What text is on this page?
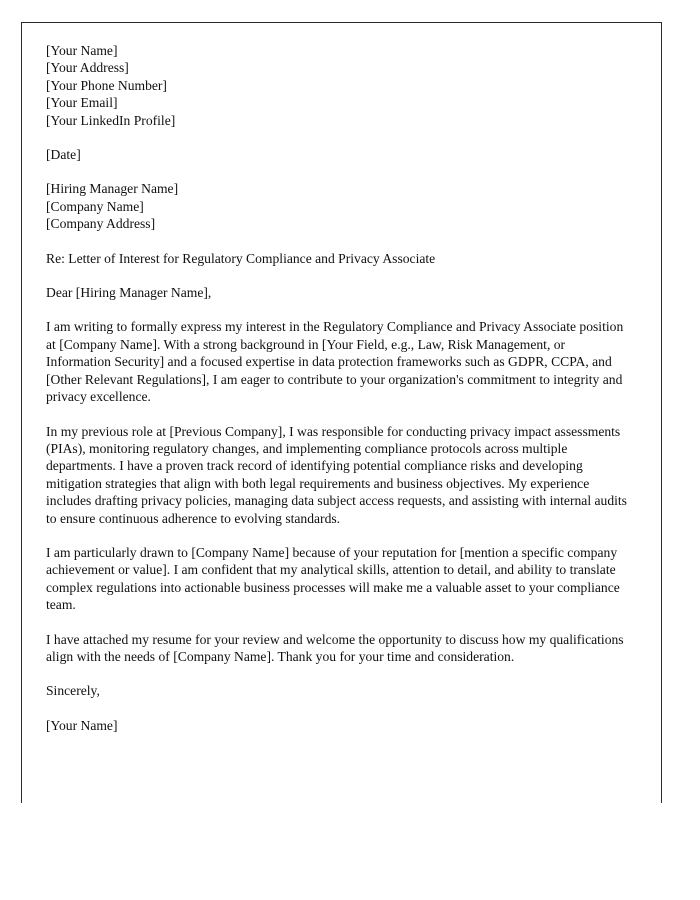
[Your Name]
[Your Address]
[Your Phone Number]
[Your Email]
[Your LinkedIn Profile]
[Date]
[Hiring Manager Name]
[Company Name]
[Company Address]

Re: Letter of Interest for Regulatory Compliance and Privacy Associate

Dear [Hiring Manager Name],

I am writing to formally express my interest in the Regulatory Compliance and Privacy Associate position at [Company Name]. With a strong background in [Your Field, e.g., Law, Risk Management, or Information Security] and a focused expertise in data protection frameworks such as GDPR, CCPA, and [Other Relevant Regulations], I am eager to contribute to your organization's commitment to integrity and privacy excellence.

In my previous role at [Previous Company], I was responsible for conducting privacy impact assessments (PIAs), monitoring regulatory changes, and implementing compliance protocols across multiple departments. I have a proven track record of identifying potential compliance risks and developing mitigation strategies that align with both legal requirements and business objectives. My experience includes drafting privacy policies, managing data subject access requests, and assisting with internal audits to ensure continuous adherence to evolving standards.

I am particularly drawn to [Company Name] because of your reputation for [mention a specific company achievement or value]. I am confident that my analytical skills, attention to detail, and ability to translate complex regulations into actionable business processes will make me a valuable asset to your compliance team.

I have attached my resume for your review and welcome the opportunity to discuss how my qualifications align with the needs of [Company Name]. Thank you for your time and consideration.

Sincerely,

[Your Name]
